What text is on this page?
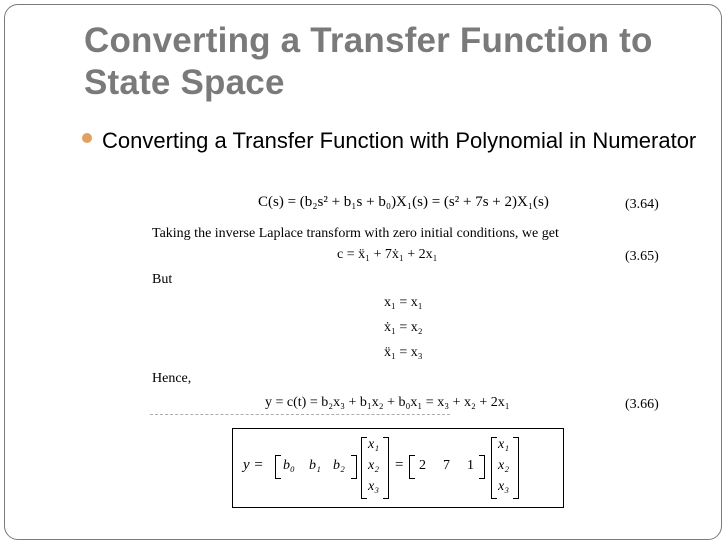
Converting a Transfer Function to State Space
Converting a Transfer Function with Polynomial in Numerator
C(s) = (b₂s² + b₁s + b₀)X₁(s) = (s² + 7s + 2)X₁(s)	(3.64)
Taking the inverse Laplace transform with zero initial conditions, we get
c = ẍ₁ + 7ẋ₁ + 2x₁	(3.65)
But
x₁ = x₁
ẋ₁ = x₂
ẍ₁ = x₃
Hence,
y = c(t) = b₂x₃ + b₁x₂ + b₀x₁ = x₃ + x₂ + 2x₁	(3.66)
y = b₀ b₁ b₂
x₁
x₂
x₃
= 2 7 1
x₁
x₂
x₃
